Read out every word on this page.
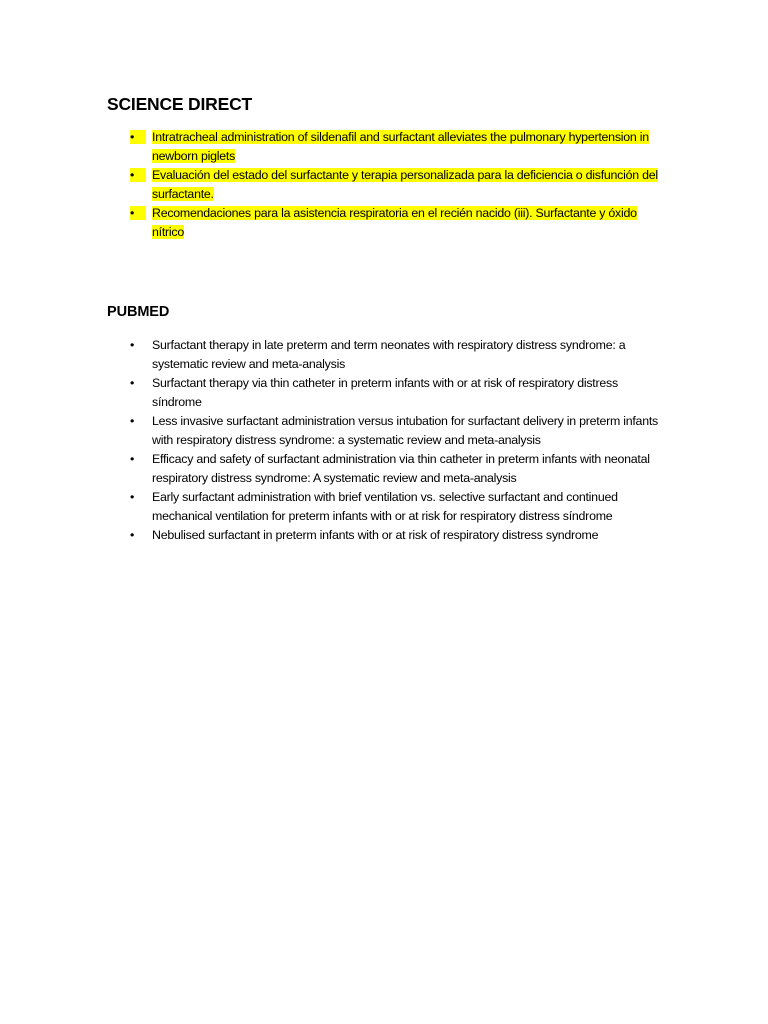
SCIENCE DIRECT
•	Intratracheal administration of sildenafil and surfactant alleviates the pulmonary hypertension in newborn piglets
•	Evaluación del estado del surfactante y terapia personalizada para la deficiencia o disfunción del surfactante.
•	Recomendaciones para la asistencia respiratoria en el recién nacido (iii). Surfactante y óxido nítrico
PUBMED
•	Surfactant therapy in late preterm and term neonates with respiratory distress syndrome: a systematic review and meta-analysis
•	Surfactant therapy via thin catheter in preterm infants with or at risk of respiratory distress síndrome
•	Less invasive surfactant administration versus intubation for surfactant delivery in preterm infants with respiratory distress syndrome: a systematic review and meta-analysis
•	Efficacy and safety of surfactant administration via thin catheter in preterm infants with neonatal respiratory distress syndrome: A systematic review and meta-analysis
•	Early surfactant administration with brief ventilation vs. selective surfactant and continued mechanical ventilation for preterm infants with or at risk for respiratory distress síndrome
•	Nebulised surfactant in preterm infants with or at risk of respiratory distress syndrome
